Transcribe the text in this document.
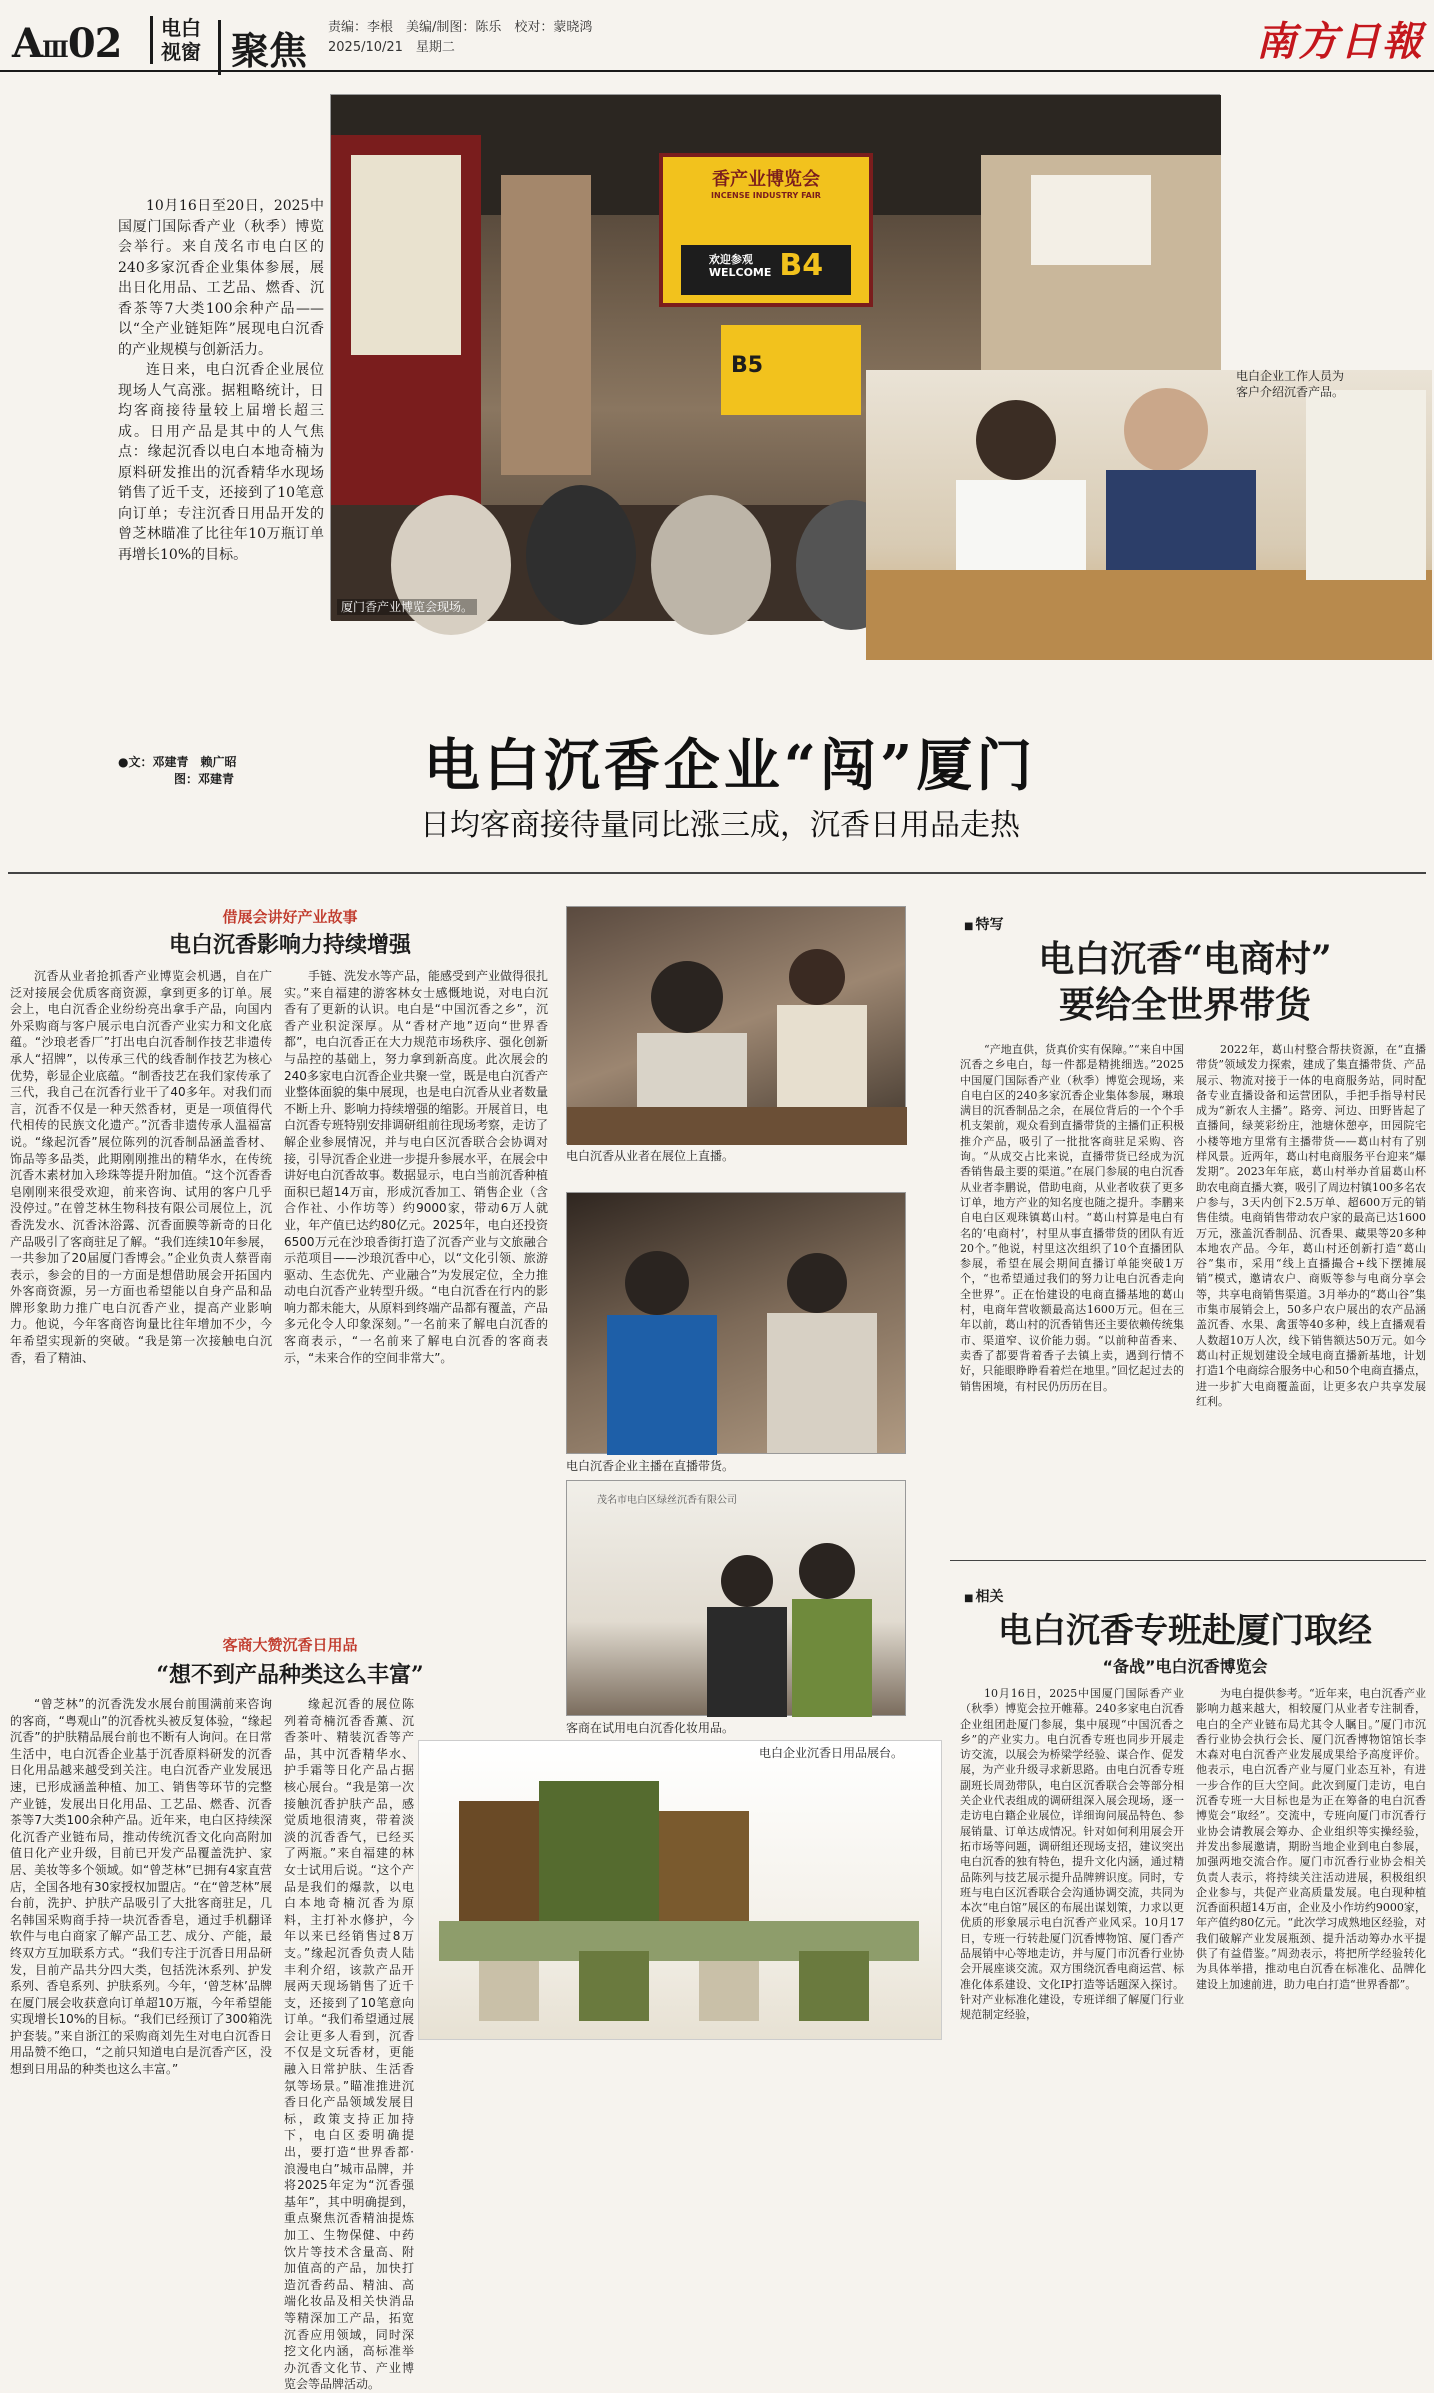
AⅢ02 电白
视窗 聚焦
责编：李根　美编/制图：陈乐　校对：蒙晓鸿
2025/10/21　星期二	南方日報
香产业博览会
INCENSE INDUSTRY FAIR
欢迎参观
WELCOME B4
B5
厦门香产业博览会现场。
电白企业工作人员为客户介绍沉香产品。

10月16日至20日，2025中国厦门国际香产业（秋季）博览会举行。来自茂名市电白区的240多家沉香企业集体参展，展出日化用品、工艺品、燃香、沉香茶等7大类100余种产品——以“全产业链矩阵”展现电白沉香的产业规模与创新活力。

连日来，电白沉香企业展位现场人气高涨。据粗略统计，日均客商接待量较上届增长超三成。日用产品是其中的人气焦点：缘起沉香以电白本地奇楠为原料研发推出的沉香精华水现场销售了近千支，还接到了10笔意向订单；专注沉香日用品开发的曾芝林瞄准了比往年10万瓶订单再增长10%的目标。

●文：邓建青　赖广昭
图：邓建青	电白沉香企业“闯”厦门
日均客商接待量同比涨三成，沉香日用品走热
借展会讲好产业故事
电白沉香影响力持续增强
沉香从业者抢抓香产业博览会机遇，自在广泛对接展会优质客商资源，拿到更多的订单。展会上，电白沉香企业纷纷亮出拿手产品，向国内外采购商与客户展示电白沉香产业实力和文化底蕴。“沙琅老香厂”打出电白沉香制作技艺非遗传承人“招牌”，以传承三代的线香制作技艺为核心优势，彰显企业底蕴。“制香技艺在我们家传承了三代，我自己在沉香行业干了40多年。对我们而言，沉香不仅是一种天然香材，更是一项值得代代相传的民族文化遗产。”沉香非遗传承人温福富说。“缘起沉香”展位陈列的沉香制品涵盖香材、饰品等多品类，此期刚刚推出的精华水，在传统沉香木素材加入珍珠等提升附加值。“这个沉香香皂刚刚来很受欢迎，前来咨询、试用的客户几乎没停过。”在曾芝林生物科技有限公司展位上，沉香洗发水、沉香沐浴露、沉香面膜等新奇的日化产品吸引了客商驻足了解。“我们连续10年参展，一共参加了20届厦门香博会。”企业负责人蔡晋南表示，参会的目的一方面是想借助展会开拓国内外客商资源，另一方面也希望能以自身产品和品牌形象助力推广电白沉香产业，提高产业影响力。他说，今年客商咨询量比往年增加不少，今年希望实现新的突破。“我是第一次接触电白沉香，看了精油、
手链、洗发水等产品，能感受到产业做得很扎实。”来自福建的游客林女士感慨地说，对电白沉香有了更新的认识。电白是“中国沉香之乡”，沉香产业积淀深厚。从“香材产地”迈向“世界香都”，电白沉香正在大力规范市场秩序、强化创新与品控的基础上，努力拿到新高度。此次展会的240多家电白沉香企业共聚一堂，既是电白沉香产业整体面貌的集中展现，也是电白沉香从业者数量不断上升、影响力持续增强的缩影。开展首日，电白沉香专班特别安排调研组前往现场考察，走访了解企业参展情况，并与电白区沉香联合会协调对接，引导沉香企业进一步提升参展水平，在展会中讲好电白沉香故事。数据显示，电白当前沉香种植面积已超14万亩，形成沉香加工、销售企业（含合作社、小作坊等）约9000家，带动6万人就业，年产值已达约80亿元。2025年，电白还投资6500万元在沙琅香街打造了沉香产业与文旅融合示范项目——沙琅沉香中心，以“文化引领、旅游驱动、生态优先、产业融合”为发展定位，全力推动电白沉香产业转型升级。“电白沉香在行内的影响力都未能大，从原料到终端产品都有覆盖，产品多元化令人印象深刻。”一名前来了解电白沉香的客商表示，“一名前来了解电白沉香的客商表示，“未来合作的空间非常大”。
客商大赞沉香日用品
“想不到产品种类这么丰富”
“曾芝林”的沉香洗发水展台前围满前来咨询的客商，“粤观山”的沉香枕头被反复体验，“缘起沉香”的护肤精品展台前也不断有人询问。在日常生活中，电白沉香企业基于沉香原料研发的沉香日化用品越来越受到关注。电白沉香产业发展迅速，已形成涵盖种植、加工、销售等环节的完整产业链，发展出日化用品、工艺品、燃香、沉香茶等7大类100余种产品。近年来，电白区持续深化沉香产业链布局，推动传统沉香文化向高附加值日化产业升级，目前已开发产品覆盖洗护、家居、美妆等多个领域。如“曾芝林”已拥有4家直营店，全国各地有30家授权加盟店。“在“曾芝林”展台前，洗护、护肤产品吸引了大批客商驻足，几名韩国采购商手持一块沉香香皂，通过手机翻译软件与电白商家了解产品工艺、成分、产能，最终双方互加联系方式。“我们专注于沉香日用品研发，目前产品共分四大类，包括洗沐系列、护发系列、香皂系列、护肤系列。今年，‘曾芝林’品牌在厦门展会收获意向订单超10万瓶，今年希望能实现增长10%的目标。“我们已经预订了300箱洗护套装。”来自浙江的采购商刘先生对电白沉香日用品赞不绝口，“之前只知道电白是沉香产区，没想到日用品的种类也这么丰富。”
缘起沉香的展位陈列着奇楠沉香香薰、沉香茶叶、精装沉香等产品，其中沉香精华水、护手霜等日化产品占据核心展台。“我是第一次接触沉香护肤产品，感觉质地很清爽，带着淡淡的沉香香气，已经买了两瓶。”来自福建的林女士试用后说。“这个产品是我们的爆款，以电白本地奇楠沉香为原料，主打补水修护，今年以来已经销售过8万支。”缘起沉香负责人陆丰利介绍，该款产品开展两天现场销售了近千支，还接到了10笔意向订单。“我们希望通过展会让更多人看到，沉香不仅是文玩香材，更能融入日常护肤、生活香氛等场景。”瞄准推进沉香日化产品领域发展目标，政策支持正加持下，电白区委明确提出，要打造“世界香都·浪漫电白”城市品牌，并将2025年定为“沉香强基年”，其中明确提到，重点聚焦沉香精油提炼加工、生物保健、中药饮片等技术含量高、附加值高的产品，加快打造沉香药品、精油、高端化妆品及相关快消品等精深加工产品，拓宽沉香应用领域，同时深挖文化内涵，高标准举办沉香文化节、产业博览会等品牌活动。
电白沉香从业者在展位上直播。
电白沉香企业主播在直播带货。
茂名市电白区绿丝沉香有限公司
客商在试用电白沉香化妆用品。
电白企业沉香日用品展台。
■ 特写
电白沉香“电商村”
要给全世界带货
“产地直供，货真价实有保障。”“来自中国沉香之乡电白，每一件都是精挑细选。”2025中国厦门国际香产业（秋季）博览会现场，来自电白区的240多家沉香企业集体参展，琳琅满目的沉香制品之余，在展位背后的一个个手机支架前，观众看到直播带货的主播们正积极推介产品，吸引了一批批客商驻足采购、咨询。“从成交占比来说，直播带货已经成为沉香销售最主要的渠道。”在展门参展的电白沉香从业者李鹏说，借助电商，从业者收获了更多订单，地方产业的知名度也随之提升。李鹏来自电白区观珠镇葛山村。“葛山村算是电白有名的‘电商村’，村里从事直播带货的团队有近20个。”他说，村里这次组织了10个直播团队参展，希望在展会期间直播订单能突破1万个，“也希望通过我们的努力让电白沉香走向全世界”。正在怡建设的电商直播基地的葛山村，电商年营收额最高达1600万元。但在三年以前，葛山村的沉香销售还主要依赖传统集市、渠道窄、议价能力弱。“以前种苗香来、卖香了都要背着香子去镇上卖，遇到行情不好，只能眼睁睁看着烂在地里。”回忆起过去的销售困境，有村民仍历历在目。
2022年，葛山村整合帮扶资源，在“直播带货”领域发力探索，建成了集直播带货、产品展示、物流对接于一体的电商服务站，同时配备专业直播设备和运营团队，手把手指导村民成为“新农人主播”。路旁、河边、田野皆起了直播间，绿荚彩纷庄，池塘休憩亭，田园院宅小楼等地方里常有主播带货——葛山村有了别样风景。近两年，葛山村电商服务平台迎来“爆发期”。2023年年底，葛山村举办首届葛山杯助农电商直播大赛，吸引了周边村镇100多名农户参与，3天内创下2.5万单、超600万元的销售佳绩。电商销售带动农户家的最高已达1600万元，涨盖沉香制品、沉香果、藏果等20多种本地农产品。今年，葛山村还创新打造“葛山谷”集市，采用“线上直播撮合+线下摆摊展销”模式，邀请农户、商贩等参与电商分享会等，共享电商销售渠道。3月举办的“葛山谷”集市集市展销会上，50多户农户展出的农产品涵盖沉香、水果、禽蛋等40多种，线上直播观看人数超10万人次，线下销售额达50万元。如今葛山村正规划建设全域电商直播新基地，计划打造1个电商综合服务中心和50个电商直播点，进一步扩大电商覆盖面，让更多农户共享发展红利。
■ 相关
电白沉香专班赴厦门取经
“备战”电白沉香博览会
10月16日，2025中国厦门国际香产业（秋季）博览会拉开帷幕。240多家电白沉香企业组团赴厦门参展，集中展现“中国沉香之乡”的产业实力。电白沉香专班也同步开展走访交流，以展会为桥梁学经验、谋合作、促发展，为产业升级寻求新思路。由电白沉香专班副班长周劲带队，电白区沉香联合会等部分相关企业代表组成的调研组深入展会现场，逐一走访电白籍企业展位，详细询问展品特色、参展销量、订单达成情况。针对如何利用展会开拓市场等问题，调研组还现场支招，建议突出电白沉香的独有特色，提升文化内涵，通过精品陈列与技艺展示提升品牌辨识度。同时，专班与电白区沉香联合会沟通协调交流，共同为本次“电白馆”展区的布展出谋划策，力求以更优质的形象展示电白沉香产业风采。10月17日，专班一行转赴厦门沉香博物馆、厦门香产品展销中心等地走访，并与厦门市沉香行业协会开展座谈交流。双方围绕沉香电商运营、标准化体系建设、文化IP打造等话题深入探讨。针对产业标准化建设，专班详细了解厦门行业规范制定经验，
为电白提供参考。“近年来，电白沉香产业影响力越来越大，相较厦门从业者专注制香，电白的全产业链布局尤其令人瞩目。”厦门市沉香行业协会执行会长、厦门沉香博物馆馆长李木森对电白沉香产业发展成果给予高度评价。他表示，电白沉香产业与厦门业态互补，有进一步合作的巨大空间。此次到厦门走访，电白沉香专班一大目标也是为正在筹备的电白沉香博览会“取经”。交流中，专班向厦门市沉香行业协会请教展会筹办、企业组织等实操经验，并发出参展邀请，期盼当地企业到电白参展，加强两地交流合作。厦门市沉香行业协会相关负责人表示，将持续关注活动进展，积极组织企业参与，共促产业高质量发展。电白现种植沉香面积超14万亩，企业及小作坊约9000家，年产值约80亿元。“此次学习成熟地区经验，对我们破解产业发展瓶颈、提升活动筹办水平提供了有益借鉴。”周劲表示，将把所学经验转化为具体举措，推动电白沉香在标准化、品牌化建设上加速前进，助力电白打造“世界香都”。
